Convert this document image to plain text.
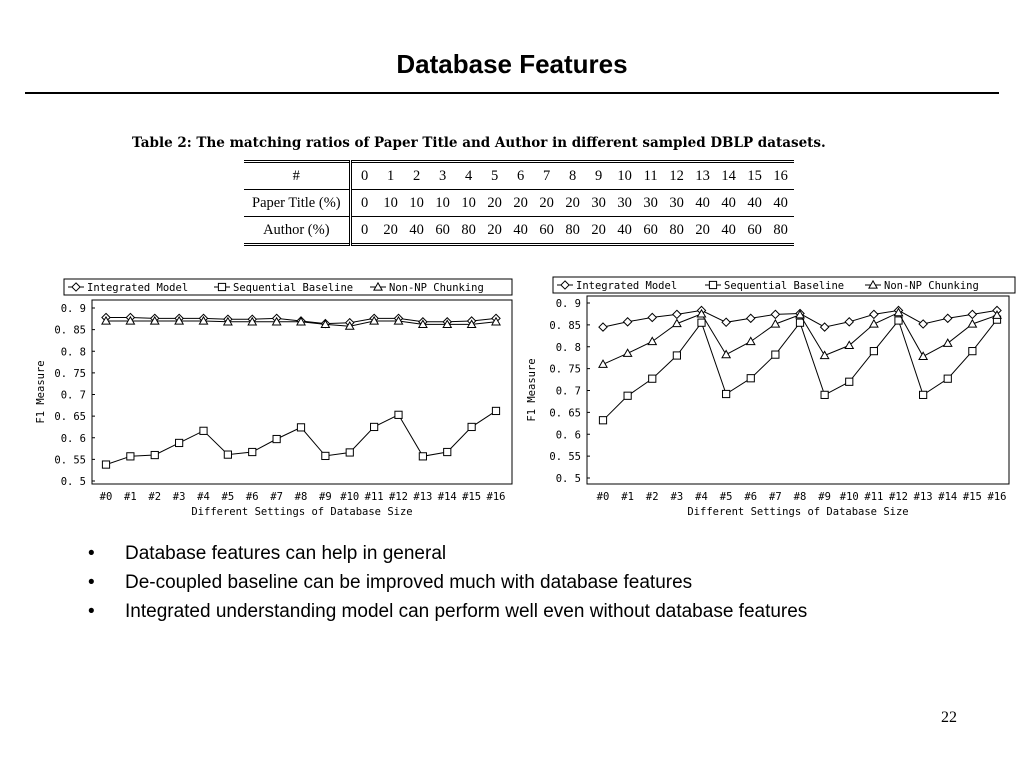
Database Features
Table 2: The matching ratios of Paper Title and Author in different sampled DBLP datasets.
#	0	1	2	3	4	5	6	7	8	9	10	11	12	13	14	15	16
Paper Title (%)	0	10	10	10	10	20	20	20	20	30	30	30	30	40	40	40	40
Author (%)	0	20	40	60	80	20	40	60	80	20	40	60	80	20	40	60	80
Integrated Model	Sequential Baseline	Non-NP Chunking
0. 9
0. 85
0. 8
0. 75
0. 7
0. 65
0. 6
0. 55
0. 5
#0 #1 #2 #3 #4 #5 #6 #7 #8 #9 #10 #11 #12 #13 #14 #15 #16
Different Settings of Database Size
F1 Measure
Integrated Model	Sequential Baseline	Non-NP Chunking
0. 9
0. 85
0. 8
0. 75
0. 7
0. 65
0. 6
0. 55
0. 5
#0 #1 #2 #3 #4 #5 #6 #7 #8 #9 #10 #11 #12 #13 #14 #15 #16
Different Settings of Database Size
F1 Measure
• Database features can help in general
• De-coupled baseline can be improved much with database features
• Integrated understanding model can perform well even without database features
22
